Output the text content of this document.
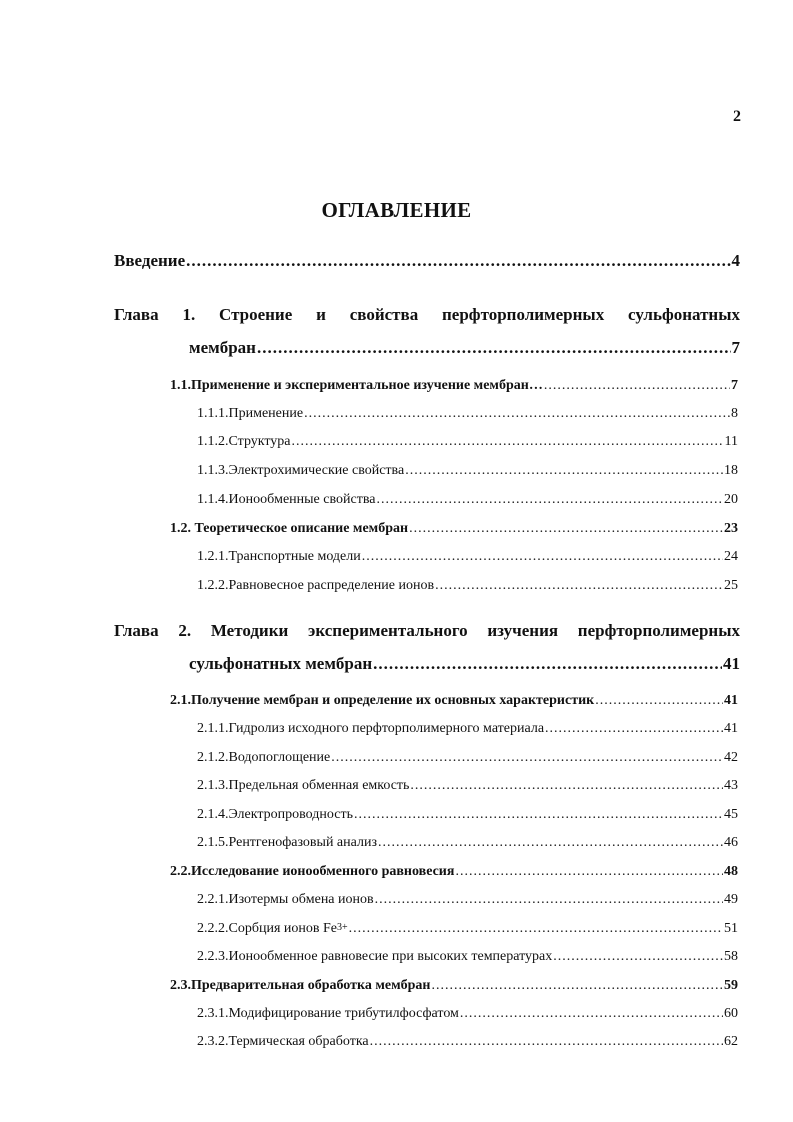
2
ОГЛАВЛЕНИЕ
Введение .....	4
Глава 1. Строение и свойства перфторполимерных сульфонатных
мембран .....	7
1.1.Применение и экспериментальное изучение мембран… .....	7
1.1.1.Применение .....	8
1.1.2.Структура .....	11
1.1.3.Электрохимические свойства .....	18
1.1.4.Ионообменные свойства .....	20
1.2. Теоретическое описание мембран .....	23
1.2.1.Транспортные модели .....	24
1.2.2.Равновесное распределение ионов .....	25
Глава 2. Методики экспериментального изучения перфторполимерных
сульфонатных мембран .....	41
2.1.Получение мембран и определение их основных характеристик .....	41
2.1.1.Гидролиз исходного перфторполимерного материала .....	41
2.1.2.Водопоглощение .....	42
2.1.3.Предельная обменная емкость .....	43
2.1.4.Электропроводность .....	45
2.1.5.Рентгенофазовый анализ .....	46
2.2.Исследование ионообменного равновесия .....	48
2.2.1.Изотермы обмена ионов .....	49
2.2.2.Сорбция ионов $Fe^{3+}$ .....	51
2.2.3.Ионообменное равновесие при высоких температурах .....	58
2.3.Предварительная обработка мембран .....	59
2.3.1.Модифицирование трибутилфосфатом .....	60
2.3.2.Термическая обработка .....	62
